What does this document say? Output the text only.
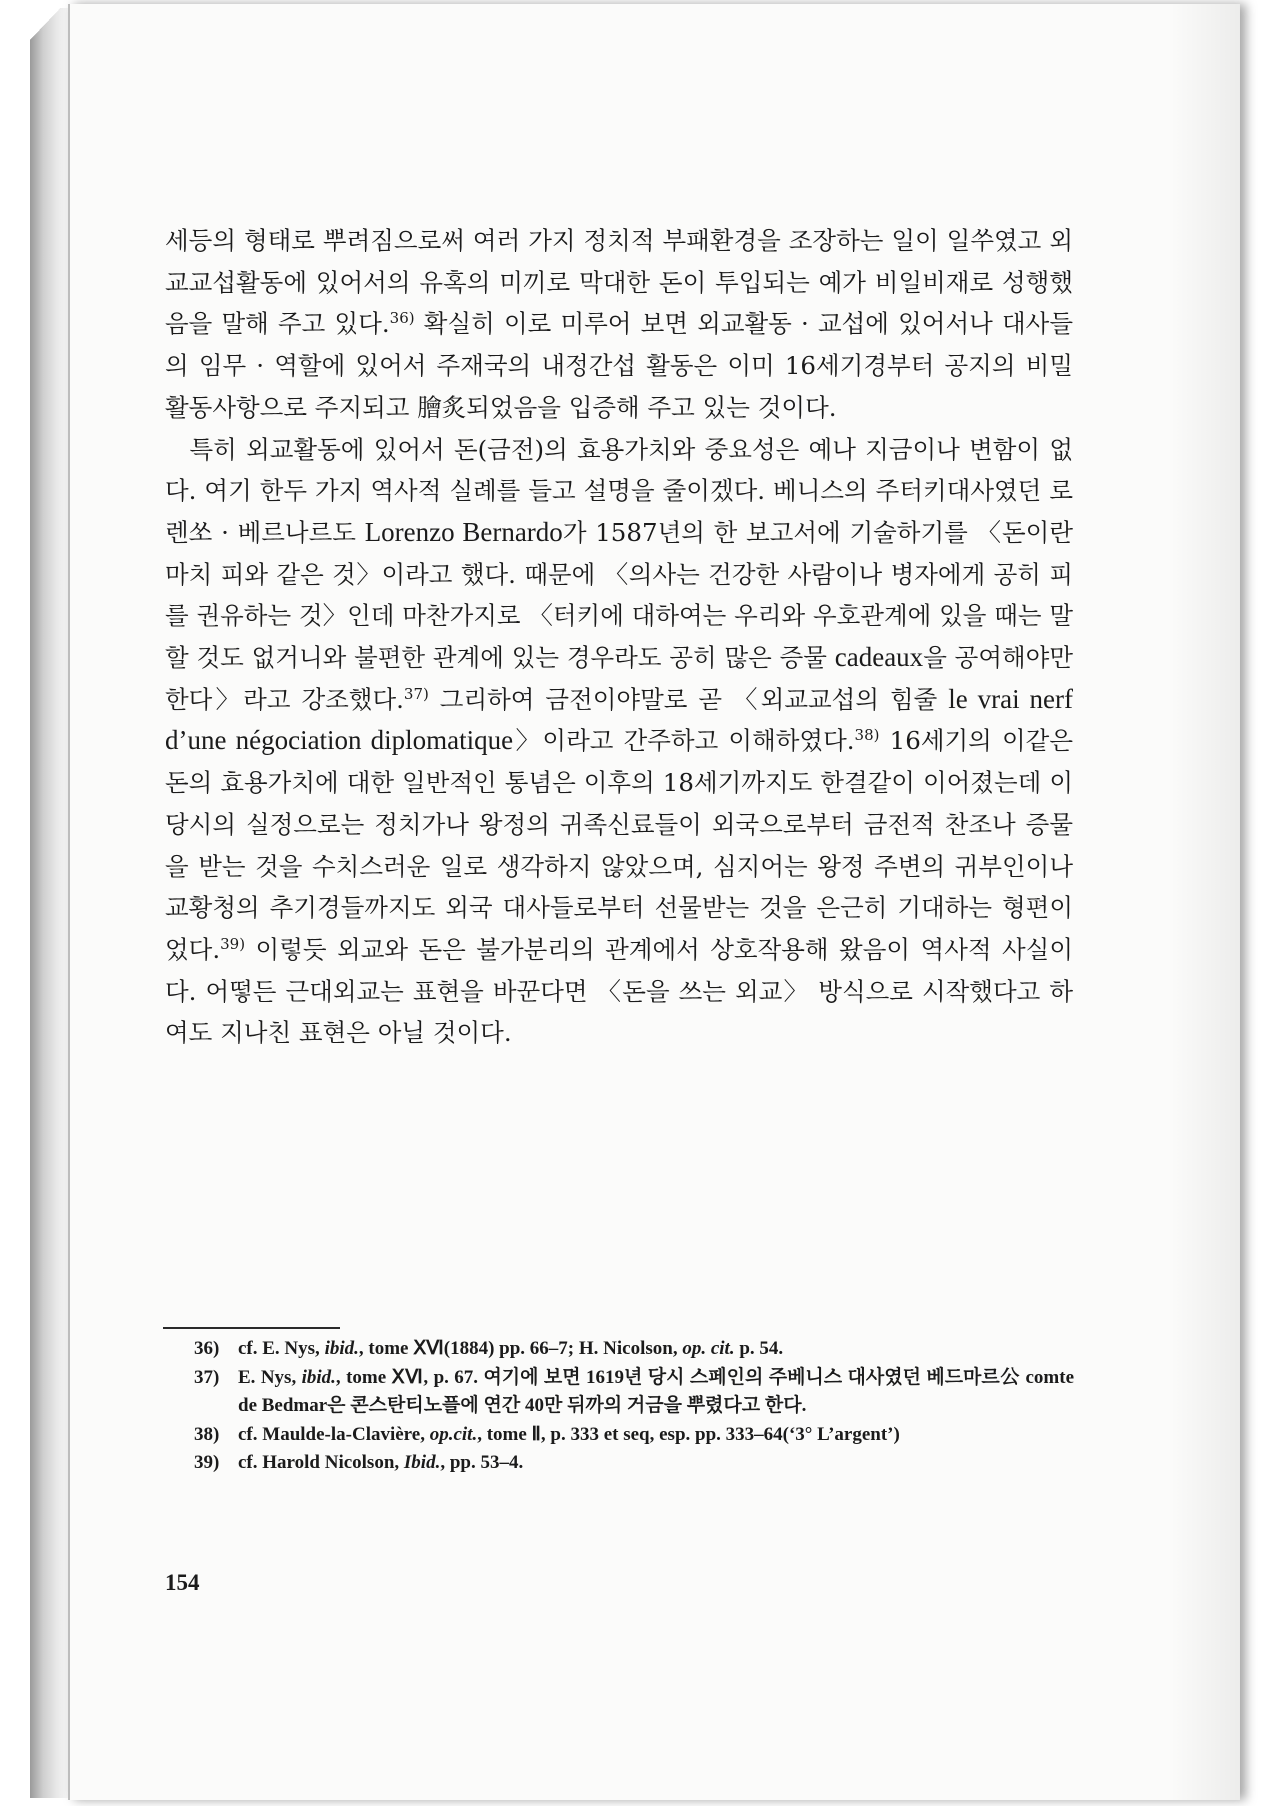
세등의 형태로 뿌려짐으로써 여러 가지 정치적 부패환경을 조장하는 일이 일쑤였고 외교교섭활동에 있어서의 유혹의 미끼로 막대한 돈이 투입되는 예가 비일비재로 성행했음을 말해 주고 있다.$^{36)}$ 확실히 이로 미루어 보면 외교활동 · 교섭에 있어서나 대사들의 임무 · 역할에 있어서 주재국의 내정간섭 활동은 이미 16세기경부터 공지의 비밀 활동사항으로 주지되고 膾炙되었음을 입증해 주고 있는 것이다.

특히 외교활동에 있어서 돈(금전)의 효용가치와 중요성은 예나 지금이나 변함이 없다. 여기 한두 가지 역사적 실례를 들고 설명을 줄이겠다. 베니스의 주터키대사였던 로렌쏘 · 베르나르도 Lorenzo Bernardo가 1587년의 한 보고서에 기술하기를 〈돈이란 마치 피와 같은 것〉이라고 했다. 때문에 〈의사는 건강한 사람이나 병자에게 공히 피를 권유하는 것〉인데 마찬가지로 〈터키에 대하여는 우리와 우호관계에 있을 때는 말할 것도 없거니와 불편한 관계에 있는 경우라도 공히 많은 증물 cadeaux을 공여해야만 한다〉라고 강조했다.$^{37)}$ 그리하여 금전이야말로 곧 〈외교교섭의 힘줄 le vrai nerf d’une négociation diplomatique〉이라고 간주하고 이해하였다.$^{38)}$ 16세기의 이같은 돈의 효용가치에 대한 일반적인 통념은 이후의 18세기까지도 한결같이 이어졌는데 이 당시의 실정으로는 정치가나 왕정의 귀족신료들이 외국으로부터 금전적 찬조나 증물을 받는 것을 수치스러운 일로 생각하지 않았으며, 심지어는 왕정 주변의 귀부인이나 교황청의 추기경들까지도 외국 대사들로부터 선물받는 것을 은근히 기대하는 형편이었다.$^{39)}$ 이렇듯 외교와 돈은 불가분리의 관계에서 상호작용해 왔음이 역사적 사실이다. 어떻든 근대외교는 표현을 바꾼다면 〈돈을 쓰는 외교〉 방식으로 시작했다고 하여도 지나친 표현은 아닐 것이다.

36) cf. E. Nys, ibid., tome ⅩⅥ(1884) pp. 66–7; H. Nicolson, op. cit. p. 54.
37) E. Nys, ibid., tome ⅩⅥ, p. 67. 여기에 보면 1619년 당시 스페인의 주베니스 대사였던 베드마르公 comte de Bedmar은 콘스탄티노플에 연간 40만 뒤까의 거금을 뿌렸다고 한다.
38) cf. Maulde-la-Clavière, op.cit., tome Ⅱ, p. 333 et seq, esp. pp. 333–64(‘3° L’argent’)
39) cf. Harold Nicolson, Ibid., pp. 53–4.
154
